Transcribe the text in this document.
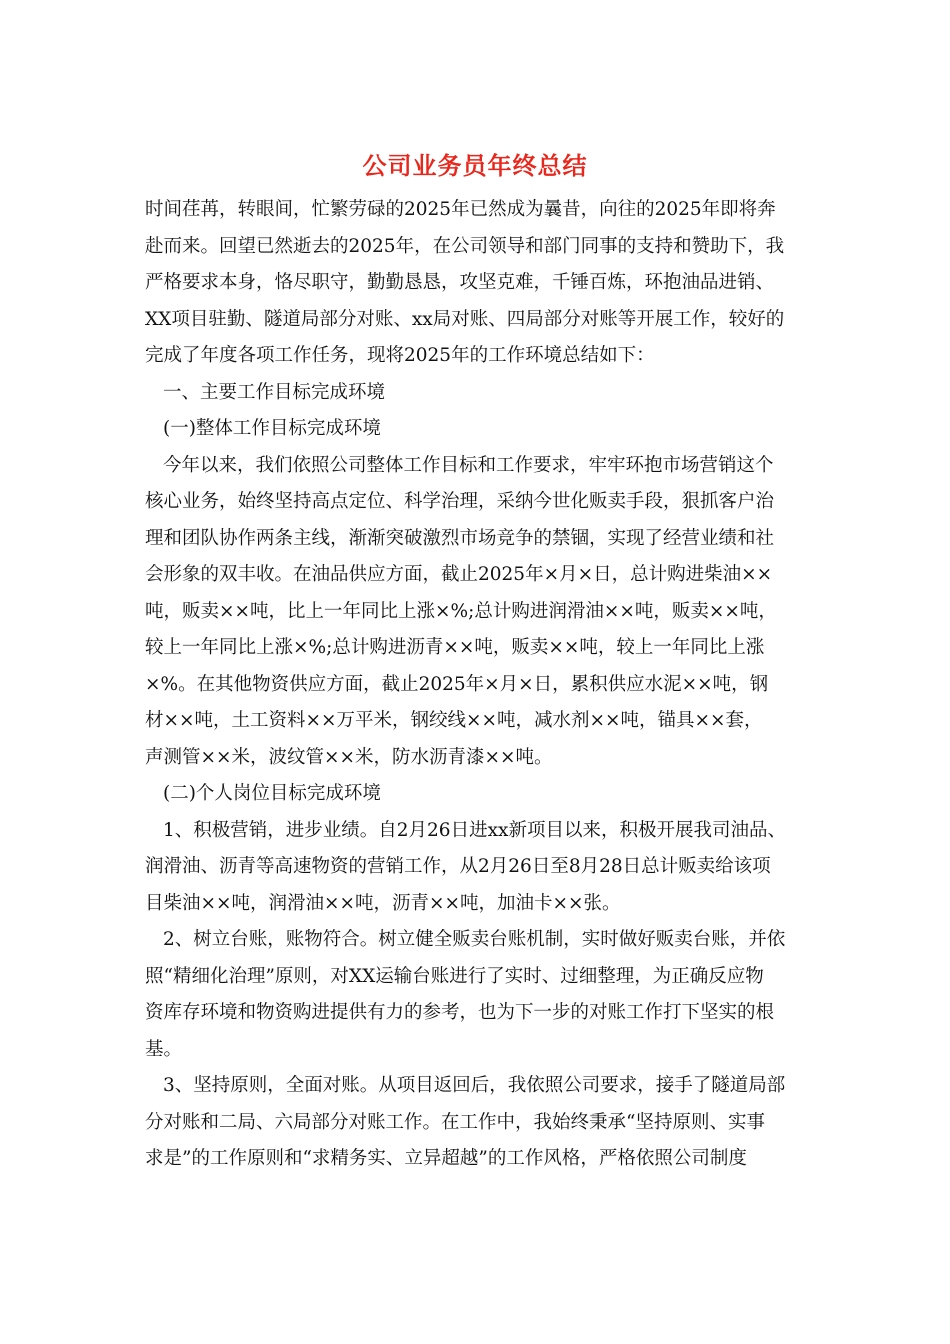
公司业务员年终总结
时间荏苒，转眼间，忙繁劳碌的2025年已然成为曩昔，向往的2025年即将奔
赴而来。回望已然逝去的2025年，在公司领导和部门同事的支持和赞助下，我
严格要求本身，恪尽职守，勤勤恳恳，攻坚克难，千锤百炼，环抱油品进销、
XX项目驻勤、隧道局部分对账、xx局对账、四局部分对账等开展工作，较好的
完成了年度各项工作任务，现将2025年的工作环境总结如下：
一、主要工作目标完成环境
(一)整体工作目标完成环境
今年以来，我们依照公司整体工作目标和工作要求，牢牢环抱市场营销这个
核心业务，始终坚持高点定位、科学治理，采纳今世化贩卖手段，狠抓客户治
理和团队协作两条主线，渐渐突破激烈市场竞争的禁锢，实现了经营业绩和社
会形象的双丰收。在油品供应方面，截止2025年×月×日，总计购进柴油××
吨，贩卖××吨，比上一年同比上涨×%;总计购进润滑油××吨，贩卖××吨，
较上一年同比上涨×%;总计购进沥青××吨，贩卖××吨，较上一年同比上涨
×%。在其他物资供应方面，截止2025年×月×日，累积供应水泥××吨，钢
材××吨，土工资料××万平米，钢绞线××吨，减水剂××吨，锚具××套，
声测管××米，波纹管××米，防水沥青漆××吨。
(二)个人岗位目标完成环境
1、积极营销，进步业绩。自2月26日进xx新项目以来，积极开展我司油品、
润滑油、沥青等高速物资的营销工作，从2月26日至8月28日总计贩卖给该项
目柴油××吨，润滑油××吨，沥青××吨，加油卡××张。
2、树立台账，账物符合。树立健全贩卖台账机制，实时做好贩卖台账，并依
照“精细化治理”原则，对XX运输台账进行了实时、过细整理，为正确反应物
资库存环境和物资购进提供有力的参考，也为下一步的对账工作打下坚实的根
基。
3、坚持原则，全面对账。从项目返回后，我依照公司要求，接手了隧道局部
分对账和二局、六局部分对账工作。在工作中，我始终秉承“坚持原则、实事
求是”的工作原则和“求精务实、立异超越”的工作风格，严格依照公司制度
